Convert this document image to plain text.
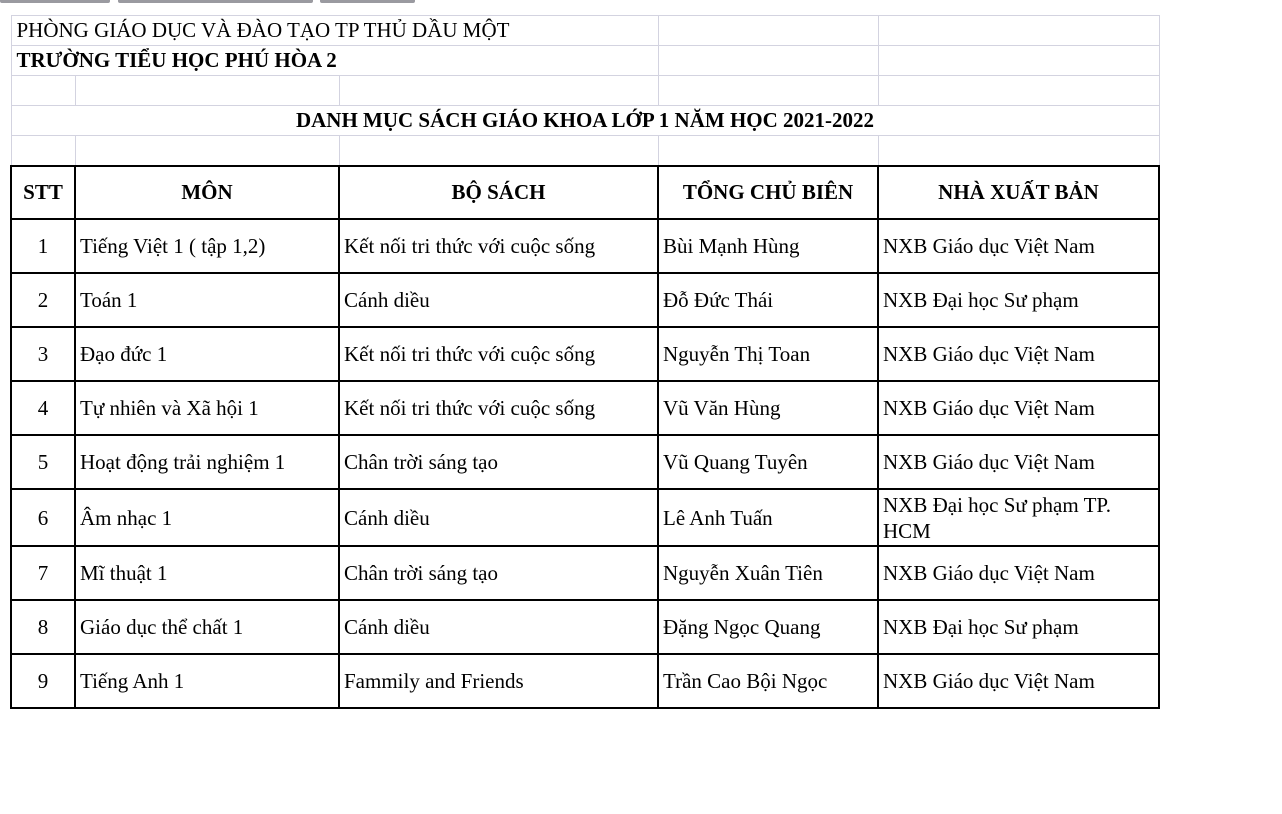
PHÒNG GIÁO DỤC VÀ ĐÀO TẠO TP THỦ DẦU MỘT				
TRƯỜNG TIỂU HỌC PHÚ HÒA 2				

DANH MỤC SÁCH GIÁO KHOA LỚP 1 NĂM HỌC 2021-2022				

STT	MÔN	BỘ SÁCH	TỔNG CHỦ BIÊN	NHÀ XUẤT BẢN
1	Tiếng Việt 1 ( tập 1,2)	Kết nối tri thức với cuộc sống	Bùi Mạnh Hùng	NXB Giáo dục Việt Nam
2	Toán 1	Cánh diều	Đỗ Đức Thái	NXB Đại học Sư phạm
3	Đạo đức 1	Kết nối tri thức với cuộc sống	Nguyễn Thị Toan	NXB Giáo dục Việt Nam
4	Tự nhiên và Xã hội 1	Kết nối tri thức với cuộc sống	Vũ Văn Hùng	NXB Giáo dục Việt Nam
5	Hoạt động trải nghiệm 1	Chân trời sáng tạo	Vũ Quang Tuyên	NXB Giáo dục Việt Nam
6	Âm nhạc 1	Cánh diều	Lê Anh Tuấn	NXB Đại học Sư phạm TP. HCM
7	Mĩ thuật 1	Chân trời sáng tạo	Nguyễn Xuân Tiên	NXB Giáo dục Việt Nam
8	Giáo dục thể chất 1	Cánh diều	Đặng Ngọc Quang	NXB Đại học Sư phạm
9	Tiếng Anh 1	Fammily and Friends	Trần Cao Bội Ngọc	NXB Giáo dục Việt Nam
